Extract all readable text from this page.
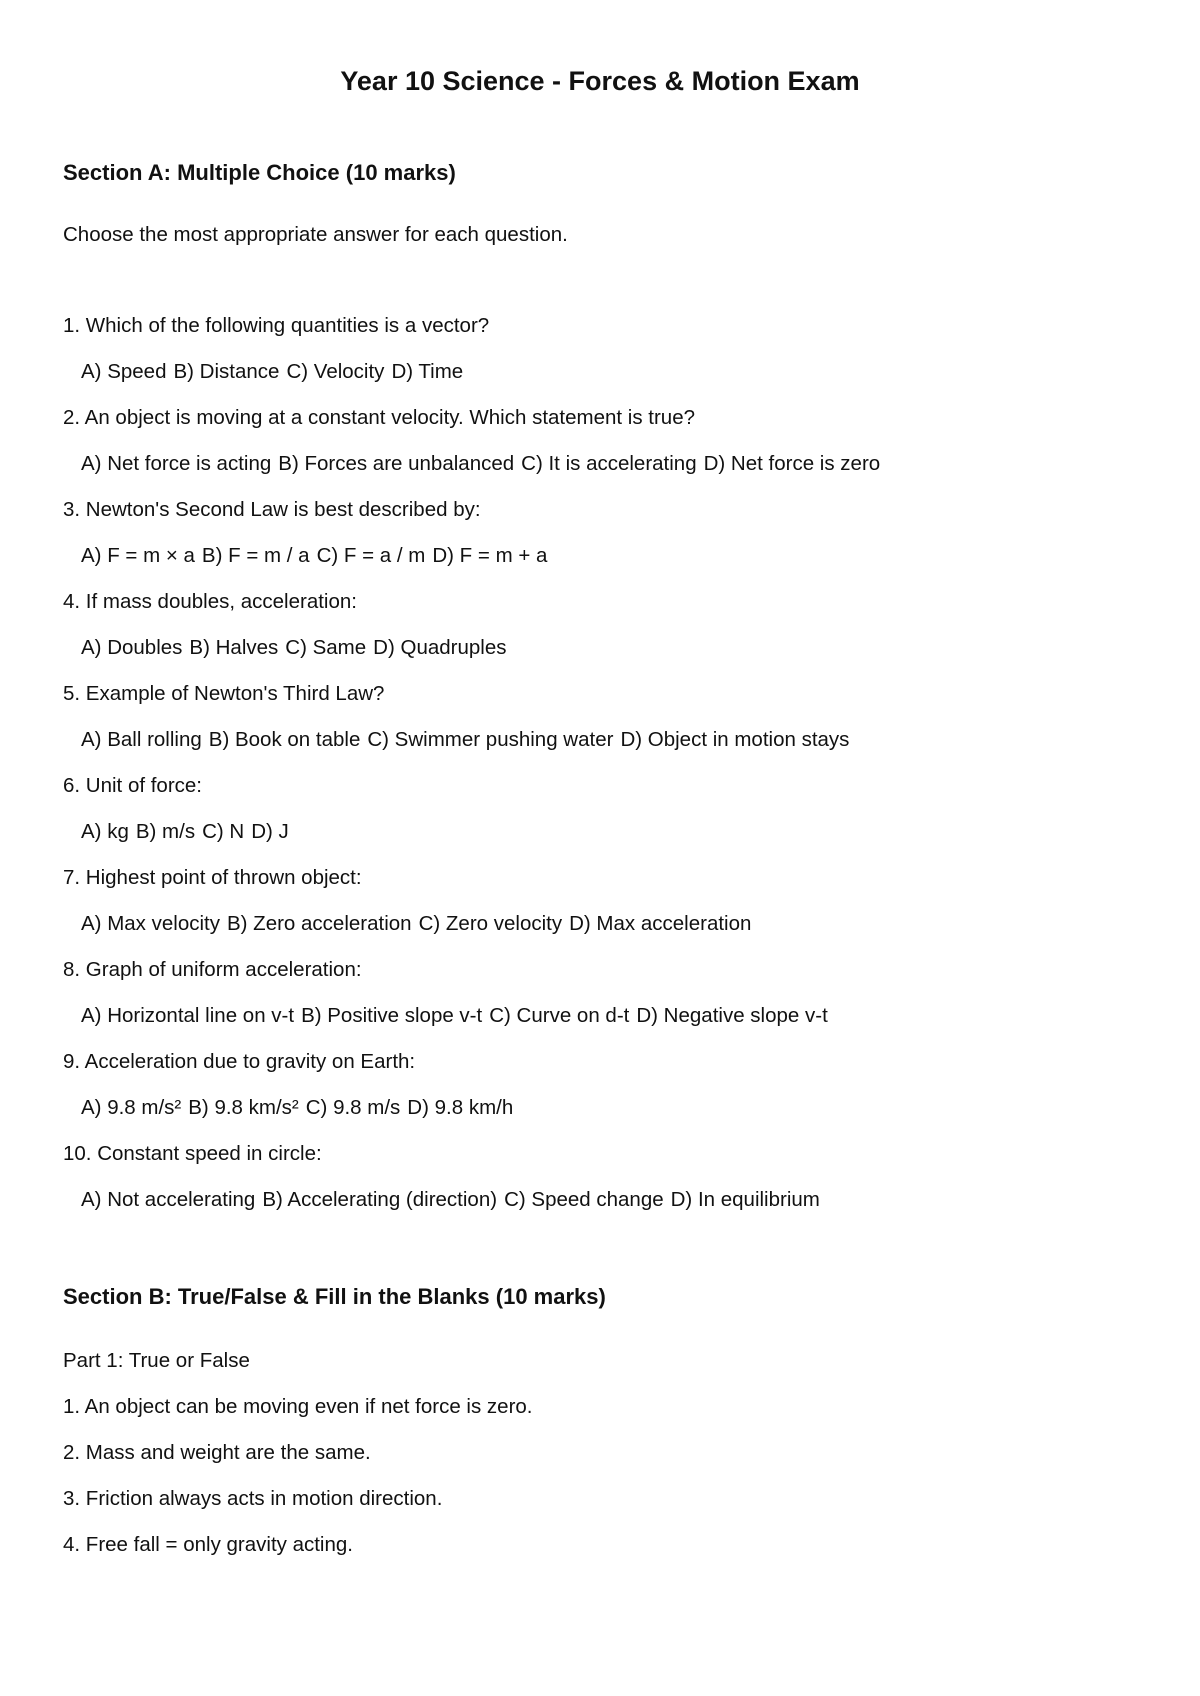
Year 10 Science - Forces & Motion Exam
Section A: Multiple Choice (10 marks)

Choose the most appropriate answer for each question.

1. Which of the following quantities is a vector?

A) Speed B) Distance C) Velocity D) Time

2. An object is moving at a constant velocity. Which statement is true?

A) Net force is acting B) Forces are unbalanced C) It is accelerating D) Net force is zero

3. Newton's Second Law is best described by:

A) F = m × a B) F = m / a C) F = a / m D) F = m + a

4. If mass doubles, acceleration:

A) Doubles B) Halves C) Same D) Quadruples

5. Example of Newton's Third Law?

A) Ball rolling B) Book on table C) Swimmer pushing water D) Object in motion stays

6. Unit of force:

A) kg B) m/s C) N D) J

7. Highest point of thrown object:

A) Max velocity B) Zero acceleration C) Zero velocity D) Max acceleration

8. Graph of uniform acceleration:

A) Horizontal line on v-t B) Positive slope v-t C) Curve on d-t D) Negative slope v-t

9. Acceleration due to gravity on Earth:

A) 9.8 m/s² B) 9.8 km/s² C) 9.8 m/s D) 9.8 km/h

10. Constant speed in circle:

A) Not accelerating B) Accelerating (direction) C) Speed change D) In equilibrium

Section B: True/False & Fill in the Blanks (10 marks)

Part 1: True or False

1. An object can be moving even if net force is zero.

2. Mass and weight are the same.

3. Friction always acts in motion direction.

4. Free fall = only gravity acting.
